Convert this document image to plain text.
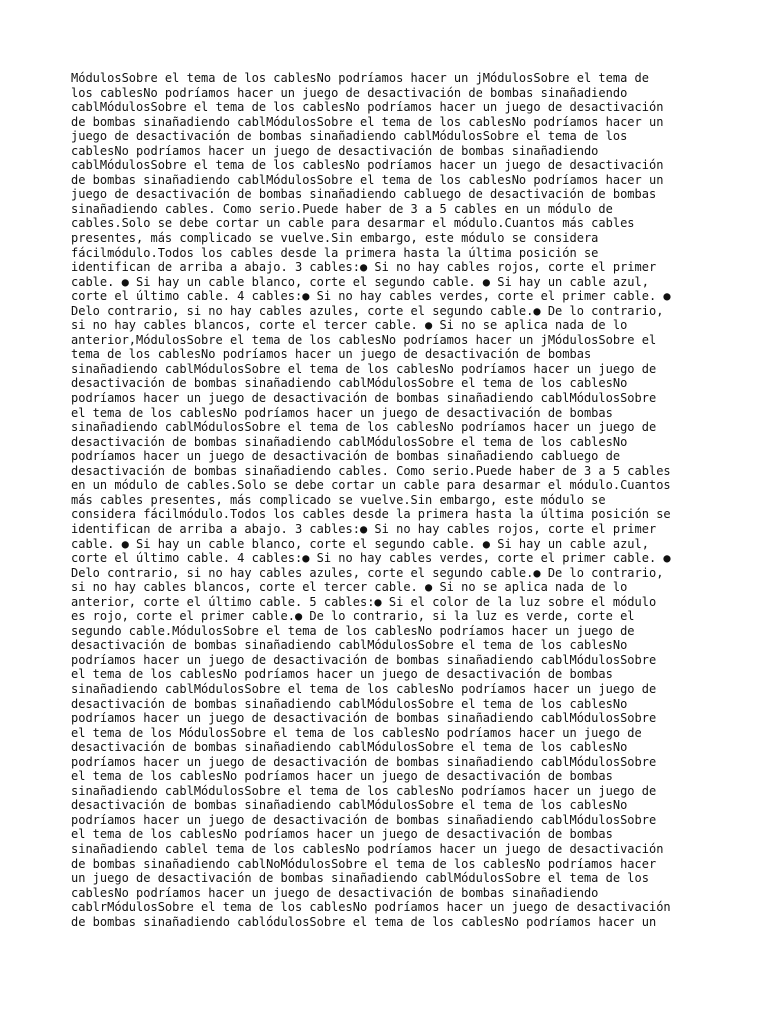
MódulosSobre el tema de los cablesNo podríamos hacer un jMódulosSobre el tema de
los cablesNo podríamos hacer un juego de desactivación de bombas sinañadiendo
cablMódulosSobre el tema de los cablesNo podríamos hacer un juego de desactivación
de bombas sinañadiendo cablMódulosSobre el tema de los cablesNo podríamos hacer un
juego de desactivación de bombas sinañadiendo cablMódulosSobre el tema de los
cablesNo podríamos hacer un juego de desactivación de bombas sinañadiendo
cablMódulosSobre el tema de los cablesNo podríamos hacer un juego de desactivación
de bombas sinañadiendo cablMódulosSobre el tema de los cablesNo podríamos hacer un
juego de desactivación de bombas sinañadiendo cabluego de desactivación de bombas
sinañadiendo cables. Como serio.Puede haber de 3 a 5 cables en un módulo de
cables.Solo se debe cortar un cable para desarmar el módulo.Cuantos más cables
presentes, más complicado se vuelve.Sin embargo, este módulo se considera
fácilmódulo.Todos los cables desde la primera hasta la última posición se
identifican de arriba a abajo. 3 cables:● Si no hay cables rojos, corte el primer
cable. ● Si hay un cable blanco, corte el segundo cable. ● Si hay un cable azul,
corte el último cable. 4 cables:● Si no hay cables verdes, corte el primer cable. ●
Delo contrario, si no hay cables azules, corte el segundo cable.● De lo contrario,
si no hay cables blancos, corte el tercer cable. ● Si no se aplica nada de lo
anterior,MódulosSobre el tema de los cablesNo podríamos hacer un jMódulosSobre el
tema de los cablesNo podríamos hacer un juego de desactivación de bombas
sinañadiendo cablMódulosSobre el tema de los cablesNo podríamos hacer un juego de
desactivación de bombas sinañadiendo cablMódulosSobre el tema de los cablesNo
podríamos hacer un juego de desactivación de bombas sinañadiendo cablMódulosSobre
el tema de los cablesNo podríamos hacer un juego de desactivación de bombas
sinañadiendo cablMódulosSobre el tema de los cablesNo podríamos hacer un juego de
desactivación de bombas sinañadiendo cablMódulosSobre el tema de los cablesNo
podríamos hacer un juego de desactivación de bombas sinañadiendo cabluego de
desactivación de bombas sinañadiendo cables. Como serio.Puede haber de 3 a 5 cables
en un módulo de cables.Solo se debe cortar un cable para desarmar el módulo.Cuantos
más cables presentes, más complicado se vuelve.Sin embargo, este módulo se
considera fácilmódulo.Todos los cables desde la primera hasta la última posición se
identifican de arriba a abajo. 3 cables:● Si no hay cables rojos, corte el primer
cable. ● Si hay un cable blanco, corte el segundo cable. ● Si hay un cable azul,
corte el último cable. 4 cables:● Si no hay cables verdes, corte el primer cable. ●
Delo contrario, si no hay cables azules, corte el segundo cable.● De lo contrario,
si no hay cables blancos, corte el tercer cable. ● Si no se aplica nada de lo
anterior, corte el último cable. 5 cables:● Si el color de la luz sobre el módulo
es rojo, corte el primer cable.● De lo contrario, si la luz es verde, corte el
segundo cable.MódulosSobre el tema de los cablesNo podríamos hacer un juego de
desactivación de bombas sinañadiendo cablMódulosSobre el tema de los cablesNo
podríamos hacer un juego de desactivación de bombas sinañadiendo cablMódulosSobre
el tema de los cablesNo podríamos hacer un juego de desactivación de bombas
sinañadiendo cablMódulosSobre el tema de los cablesNo podríamos hacer un juego de
desactivación de bombas sinañadiendo cablMódulosSobre el tema de los cablesNo
podríamos hacer un juego de desactivación de bombas sinañadiendo cablMódulosSobre
el tema de los MódulosSobre el tema de los cablesNo podríamos hacer un juego de
desactivación de bombas sinañadiendo cablMódulosSobre el tema de los cablesNo
podríamos hacer un juego de desactivación de bombas sinañadiendo cablMódulosSobre
el tema de los cablesNo podríamos hacer un juego de desactivación de bombas
sinañadiendo cablMódulosSobre el tema de los cablesNo podríamos hacer un juego de
desactivación de bombas sinañadiendo cablMódulosSobre el tema de los cablesNo
podríamos hacer un juego de desactivación de bombas sinañadiendo cablMódulosSobre
el tema de los cablesNo podríamos hacer un juego de desactivación de bombas
sinañadiendo cablel tema de los cablesNo podríamos hacer un juego de desactivación
de bombas sinañadiendo cablNoMódulosSobre el tema de los cablesNo podríamos hacer
un juego de desactivación de bombas sinañadiendo cablMódulosSobre el tema de los
cablesNo podríamos hacer un juego de desactivación de bombas sinañadiendo
cablrMódulosSobre el tema de los cablesNo podríamos hacer un juego de desactivación
de bombas sinañadiendo cablódulosSobre el tema de los cablesNo podríamos hacer un
